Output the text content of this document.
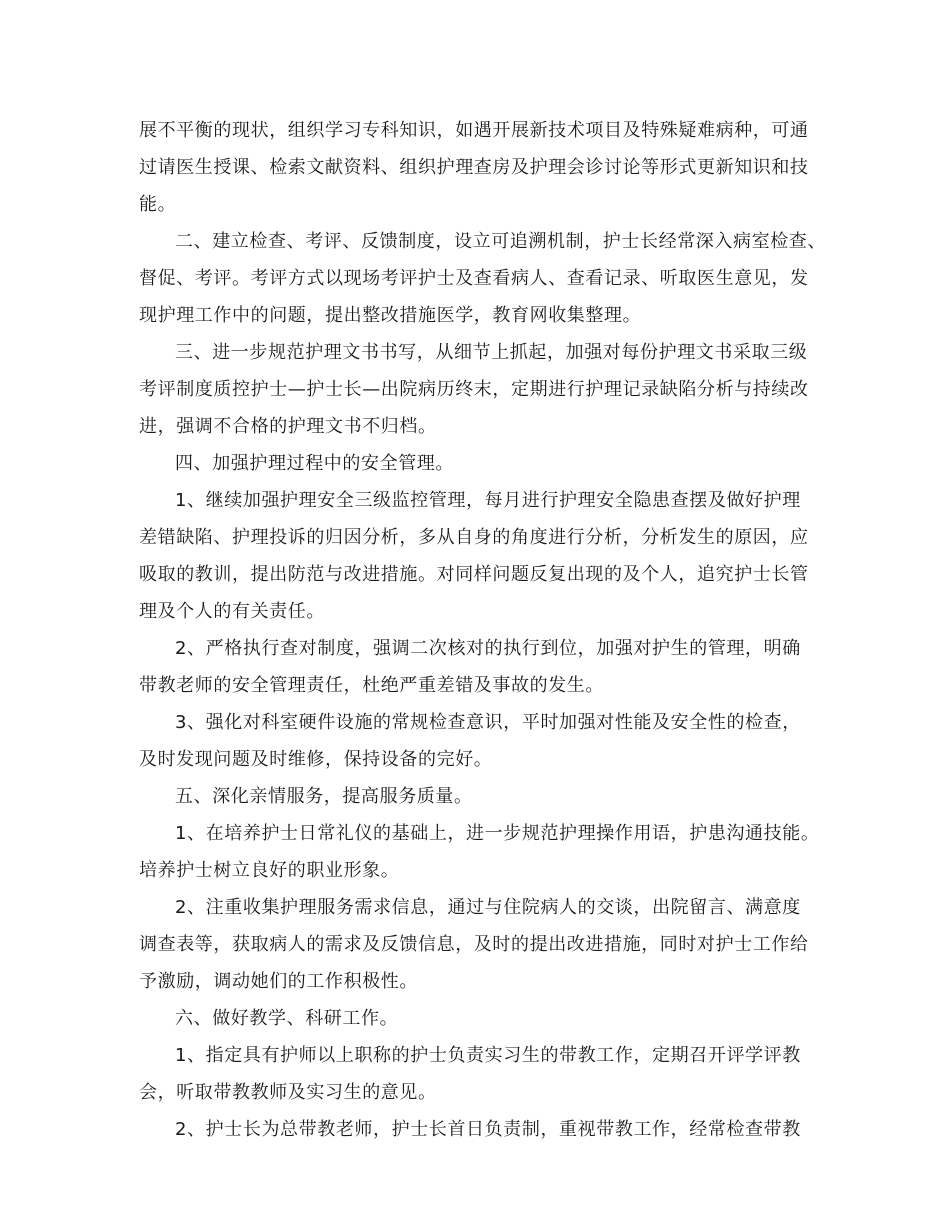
展不平衡的现状，组织学习专科知识，如遇开展新技术项目及特殊疑难病种，可通
过请医生授课、检索文献资料、组织护理查房及护理会诊讨论等形式更新知识和技
能。
二、建立检查、考评、反馈制度，设立可追溯机制，护士长经常深入病室检查、
督促、考评。考评方式以现场考评护士及查看病人、查看记录、听取医生意见，发
现护理工作中的问题，提出整改措施医学，教育网收集整理。
三、进一步规范护理文书书写，从细节上抓起，加强对每份护理文书采取三级
考评制度质控护士—护士长—出院病历终末，定期进行护理记录缺陷分析与持续改
进，强调不合格的护理文书不归档。
四、加强护理过程中的安全管理。
1、继续加强护理安全三级监控管理，每月进行护理安全隐患查摆及做好护理
差错缺陷、护理投诉的归因分析，多从自身的角度进行分析，分析发生的原因，应
吸取的教训，提出防范与改进措施。对同样问题反复出现的及个人，追究护士长管
理及个人的有关责任。
2、严格执行查对制度，强调二次核对的执行到位，加强对护生的管理，明确
带教老师的安全管理责任，杜绝严重差错及事故的发生。
3、强化对科室硬件设施的常规检查意识，平时加强对性能及安全性的检查，
及时发现问题及时维修，保持设备的完好。
五、深化亲情服务，提高服务质量。
1、在培养护士日常礼仪的基础上，进一步规范护理操作用语，护患沟通技能。
培养护士树立良好的职业形象。
2、注重收集护理服务需求信息，通过与住院病人的交谈，出院留言、满意度
调查表等，获取病人的需求及反馈信息，及时的提出改进措施，同时对护士工作给
予激励，调动她们的工作积极性。
六、做好教学、科研工作。
1、指定具有护师以上职称的护士负责实习生的带教工作，定期召开评学评教
会，听取带教教师及实习生的意见。
2、护士长为总带教老师，护士长首日负责制，重视带教工作，经常检查带教
